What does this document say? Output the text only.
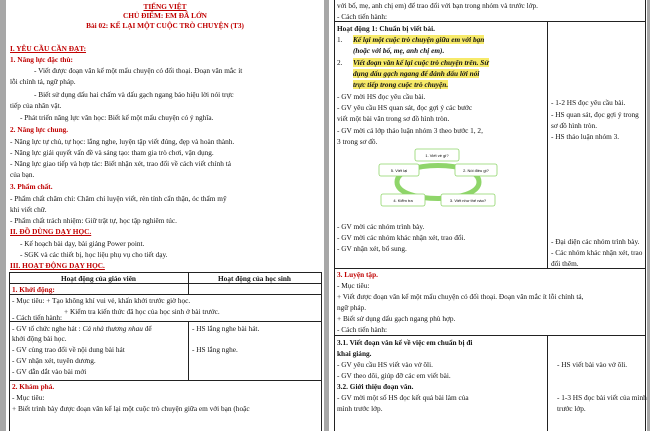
TIẾNG VIỆT
CHỦ ĐIỂM: EM ĐÃ LỚN
Bài 02: KỂ LẠI MỘT CUỘC TRÒ CHUYỆN (T3)
I. YÊU CẦU CẦN ĐẠT:
1. Năng lực đặc thù:
- Viết được đoạn văn kể một mẩu chuyện có đối thoại. Đoạn văn mắc ít
lỗi chính tả, ngữ pháp.
- Biết sử dụng dấu hai chấm và dấu gạch ngang báo hiệu lời nói trực
tiếp của nhân vật.
- Phát triển năng lực văn học: Biết kể một mẩu chuyện có ý nghĩa.
2. Năng lực chung.
- Năng lực tự chủ, tự học: lắng nghe, luyện tập viết đúng, đẹp và hoàn thành.
- Năng lực giải quyết vấn đề và sáng tạo: tham gia trò chơi, vận dụng.
- Năng lực giao tiếp và hợp tác: Biết nhận xét, trao đổi về cách viết chính tả
của bạn.
3. Phẩm chất.
- Phẩm chất chăm chỉ: Chăm chỉ luyện viết, rèn tính cẩn thận, óc thẩm mỹ
khi viết chữ.
- Phẩm chất trách nhiệm: Giữ trật tự, học tập nghiêm túc.
II. ĐỒ DÙNG DẠY HỌC.
- Kế hoạch bài dạy, bài giảng Power point.
- SGK và các thiết bị, học liệu phụ vụ cho tiết dạy.
III. HOẠT ĐỘNG DẠY HỌC.
Hoạt động của giáo viên	Hoạt động của học sinh
1. Khởi động:
- Mục tiêu: + Tạo không khí vui vẻ, khấn khởi trước giờ học.
+ Kiểm tra kiến thức đã học của học sinh ở bài trước.
- Cách tiến hành:
- GV tổ chức nghe hát : Cả nhà thương nhau để
khởi động bài học.
- GV cùng trao đổi về nội dung bài hát
- GV nhận xét, tuyên dương.
- GV dẫn dắt vào bài mới
- HS lắng nghe bài hát.
- HS lắng nghe.
2. Khám phá.
- Mục tiêu:
+ Biết trình bày được đoạn văn kể lại một cuộc trò chuyện giữa em với bạn (hoặc
với bố, mẹ, anh chị em) để trao đổi với bạn trong nhóm và trước lớp.
- Cách tiến hành:
Hoạt động 1: Chuẩn bị viết bài.
1. Kể lại một cuộc trò chuyện giữa em với bạn
(hoặc với bố, mẹ, anh chị em).
2. Viết đoạn văn kể lại cuộc trò chuyện trên. Sử
dụng dấu gạch ngang để đánh dấu lời nói
trực tiếp trong cuộc trò chuyện.
- GV mời HS đọc yêu cầu bài.
- GV yêu cầu HS quan sát, đọc gợi ý các bước
viết một bài văn trong sơ đồ hình tròn.
- GV mời cả lớp thảo luận nhóm 3 theo bước 1, 2,
3 trong sơ đồ.
- 1-2 HS đọc yêu cầu bài.
- HS quan sát, đọc gợi ý trong
sơ đồ hình tròn.
- HS thảo luận nhóm 3.
1. Viết về gì?
2. Nói điều gì?
3. Viết như thế nào?
4. Kiểm tra
5. Viết lại
- GV mời các nhóm trình bày.
- GV mời các nhóm khác nhận xét, trao đổi.
- GV nhận xét, bổ sung.
- Đại diện các nhóm trình bày.
- Các nhóm khác nhận xét, trao
đổi thêm.
3. Luyện tập.
- Mục tiêu:
+ Viết được đoạn văn kể một mẩu chuyện có đối thoại. Đoạn văn mắc ít lỗi chính tả,
ngữ pháp.
+ Biết sử dụng dấu gạch ngang phù hợp.
- Cách tiến hành:
3.1. Viết đoạn văn kể về việc em chuẩn bị đi
khai giảng.
- GV yêu cầu HS viết vào vở ôli.
- GV theo dõi, giúp đỡ các em viết bài.
3.2. Giới thiệu đoạn văn.
- GV mời một số HS đọc kết quả bài làm của
mình trước lớp.
- HS viết bài vào vở ôli.
- 1-3 HS đọc bài viết của mình
trước lớp.
